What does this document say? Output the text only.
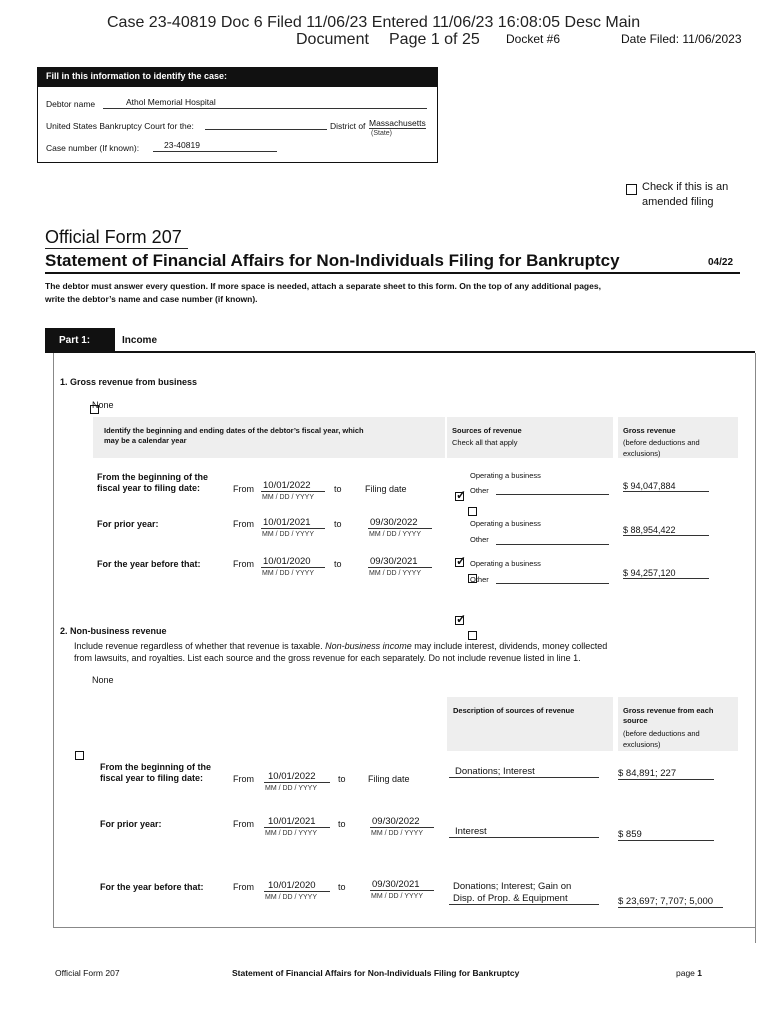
Case 23-40819 Doc 6 Filed 11/06/23 Entered 11/06/23 16:08:05 Desc Main
Document Page 1 of 25 Docket #6	Date Filed: 11/06/2023
Fill in this information to identify the case:
Debtor name	Athol Memorial Hospital
United States Bankruptcy Court for the:	District of Massachusetts
(State)
Case number (If known):	23-40819

Check if this is an
amended filing
Official Form 207
Statement of Financial Affairs for Non-Individuals Filing for Bankruptcy	04/22
The debtor must answer every question. If more space is needed, attach a separate sheet to this form. On the top of any additional pages,
write the debtor’s name and case number (if known).
Part 1:	Income
1. Gross revenue from business
None
Identify the beginning and ending dates of the debtor’s fiscal year, which
may be a calendar year
Sources of revenue
Check all that apply
Gross revenue
(before deductions and
exclusions)
From the beginning of the
fiscal year to filing date:	From 10/01/2022
MM / DD / YYYY
to	Filing date
✓
Operating a business
Other	$ 94,047,884
For prior year:	From 10/01/2021
MM / DD / YYYY
to	09/30/2022
MM / DD / YYYY
✓
Operating a business
Other
$ 88,954,422
For the year before that:	From 10/01/2020
MM / DD / YYYY
to	09/30/2021
MM / DD / YYYY
✓
Operating a business
Other
$ 94,257,120
2. Non-business revenue
Include revenue regardless of whether that revenue is taxable. Non-business income may include interest, dividends, money collected
from lawsuits, and royalties. List each source and the gross revenue for each separately. Do not include revenue listed in line 1.
None
Description of sources of revenue	Gross revenue from each
source
(before deductions and
exclusions)
From the beginning of the
fiscal year to filing date:	From	10/01/2022
MM / DD / YYYY
to Filing date
Donations; Interest	$ 84,891; 227
For prior year:	From	10/01/2021
MM / DD / YYYY
to	09/30/2022
MM / DD / YYYY	Interest	$ 859
For the year before that:	From	10/01/2020
MM / DD / YYYY
to	09/30/2021
MM / DD / YYYY
Donations; Interest; Gain on
Disp. of Prop. & Equipment	$ 23,697; 7,707; 5,000
Official Form 207	Statement of Financial Affairs for Non-Individuals Filing for Bankruptcy	page 1
